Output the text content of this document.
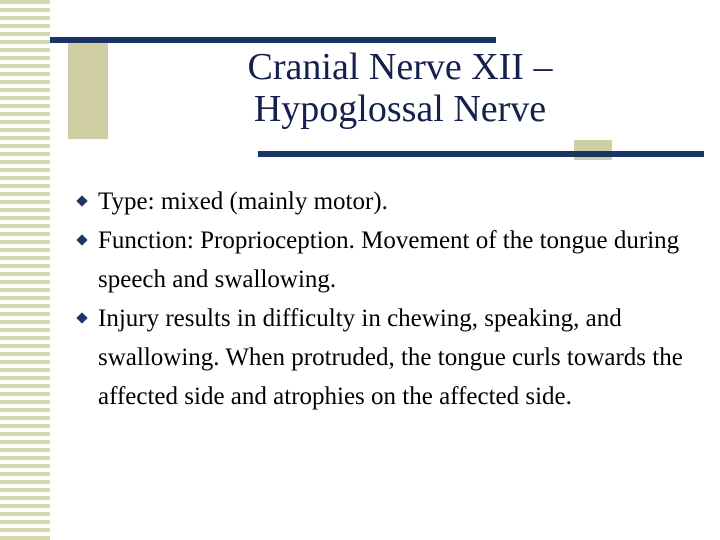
Cranial Nerve XII –
Hypoglossal Nerve
Type: mixed (mainly motor).
Function: Proprioception. Movement of the tongue during speech and swallowing.
Injury results in difficulty in chewing, speaking, and swallowing. When protruded, the tongue curls towards the affected side and atrophies on the affected side.
